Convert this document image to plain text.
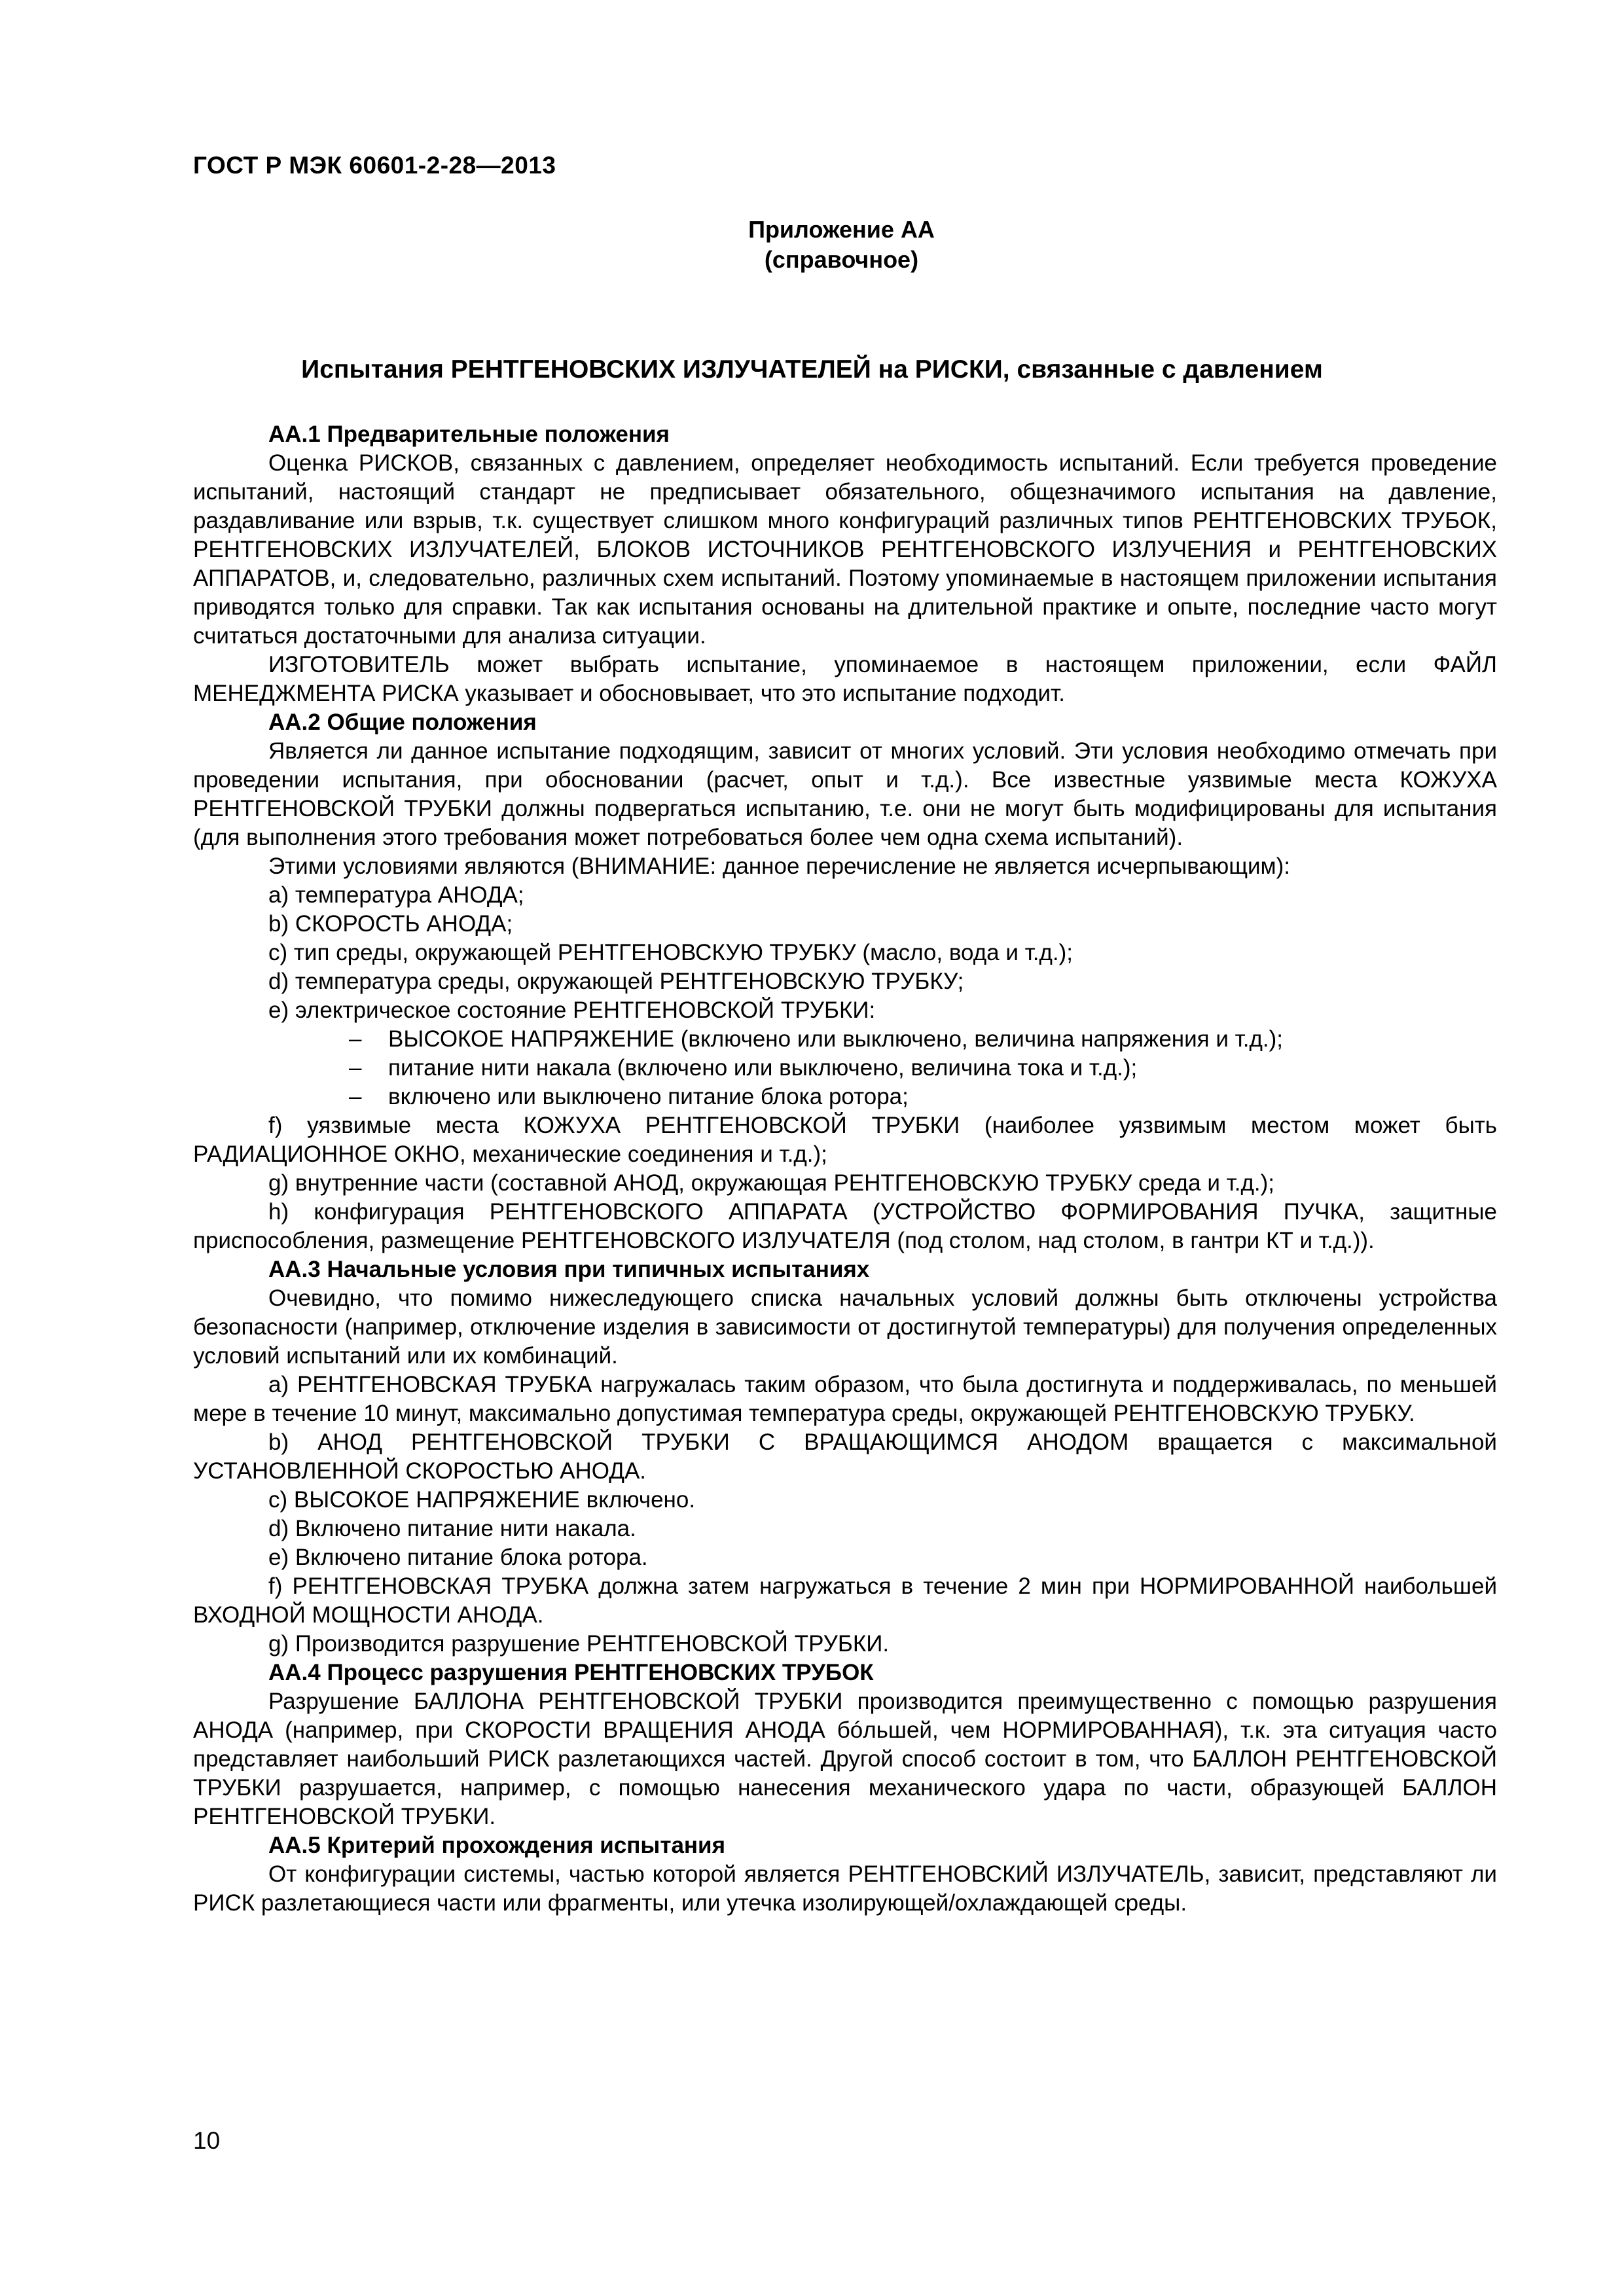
ГОСТ Р МЭК 60601-2-28—2013
Приложение АА
(справочное)
Испытания РЕНТГЕНОВСКИХ ИЗЛУЧАТЕЛЕЙ на РИСКИ, связанные с давлением

АА.1 Предварительные положения

Оценка РИСКОВ, связанных с давлением, определяет необходимость испытаний. Если требуется проведение испытаний, настоящий стандарт не предписывает обязательного, общезначимого испытания на давление, раздавливание или взрыв, т.к. существует слишком много конфигураций различных типов РЕНТГЕНОВСКИХ ТРУБОК, РЕНТГЕНОВСКИХ ИЗЛУЧАТЕЛЕЙ, БЛОКОВ ИСТОЧНИКОВ РЕНТГЕНОВСКОГО ИЗЛУЧЕНИЯ и РЕНТГЕНОВСКИХ АППАРАТОВ, и, следовательно, различных схем испытаний. Поэтому упоминаемые в настоящем приложении испытания приводятся только для справки. Так как испытания основаны на длительной практике и опыте, последние часто могут считаться достаточными для анализа ситуации.

ИЗГОТОВИТЕЛЬ может выбрать испытание, упоминаемое в настоящем приложении, если ФАЙЛ МЕНЕДЖМЕНТА РИСКА указывает и обосновывает, что это испытание подходит.

АА.2 Общие положения

Является ли данное испытание подходящим, зависит от многих условий. Эти условия необходимо отмечать при проведении испытания, при обосновании (расчет, опыт и т.д.). Все известные уязвимые места КОЖУХА РЕНТГЕНОВСКОЙ ТРУБКИ должны подвергаться испытанию, т.е. они не могут быть модифицированы для испытания (для выполнения этого требования может потребоваться более чем одна схема испытаний).

Этими условиями являются (ВНИМАНИЕ: данное перечисление не является исчерпывающим):

a) температура АНОДА;

b) СКОРОСТЬ АНОДА;

c) тип среды, окружающей РЕНТГЕНОВСКУЮ ТРУБКУ (масло, вода и т.д.);

d) температура среды, окружающей РЕНТГЕНОВСКУЮ ТРУБКУ;

e) электрическое состояние РЕНТГЕНОВСКОЙ ТРУБКИ:

– ВЫСОКОЕ НАПРЯЖЕНИЕ (включено или выключено, величина напряжения и т.д.);

– питание нити накала (включено или выключено, величина тока и т.д.);

– включено или выключено питание блока ротора;

f) уязвимые места КОЖУХА РЕНТГЕНОВСКОЙ ТРУБКИ (наиболее уязвимым местом может быть РАДИАЦИОННОЕ ОКНО, механические соединения и т.д.);

g) внутренние части (составной АНОД, окружающая РЕНТГЕНОВСКУЮ ТРУБКУ среда и т.д.);

h) конфигурация РЕНТГЕНОВСКОГО АППАРАТА (УСТРОЙСТВО ФОРМИРОВАНИЯ ПУЧКА, защитные приспособления, размещение РЕНТГЕНОВСКОГО ИЗЛУЧАТЕЛЯ (под столом, над столом, в гантри КТ и т.д.)).

АА.3 Начальные условия при типичных испытаниях

Очевидно, что помимо нижеследующего списка начальных условий должны быть отключены устройства безопасности (например, отключение изделия в зависимости от достигнутой температуры) для получения определенных условий испытаний или их комбинаций.

a) РЕНТГЕНОВСКАЯ ТРУБКА нагружалась таким образом, что была достигнута и поддерживалась, по меньшей мере в течение 10 минут, максимально допустимая температура среды, окружающей РЕНТГЕНОВСКУЮ ТРУБКУ.

b) АНОД РЕНТГЕНОВСКОЙ ТРУБКИ С ВРАЩАЮЩИМСЯ АНОДОМ вращается с максимальной УСТАНОВЛЕННОЙ СКОРОСТЬЮ АНОДА.

c) ВЫСОКОЕ НАПРЯЖЕНИЕ включено.

d) Включено питание нити накала.

e) Включено питание блока ротора.

f) РЕНТГЕНОВСКАЯ ТРУБКА должна затем нагружаться в течение 2 мин при НОРМИРОВАННОЙ наибольшей ВХОДНОЙ МОЩНОСТИ АНОДА.

g) Производится разрушение РЕНТГЕНОВСКОЙ ТРУБКИ.

АА.4 Процесс разрушения РЕНТГЕНОВСКИХ ТРУБОК

Разрушение БАЛЛОНА РЕНТГЕНОВСКОЙ ТРУБКИ производится преимущественно с помощью разрушения АНОДА (например, при СКОРОСТИ ВРАЩЕНИЯ АНОДА бóльшей, чем НОРМИРОВАННАЯ), т.к. эта ситуация часто представляет наибольший РИСК разлетающихся частей. Другой способ состоит в том, что БАЛЛОН РЕНТГЕНОВСКОЙ ТРУБКИ разрушается, например, с помощью нанесения механического удара по части, образующей БАЛЛОН РЕНТГЕНОВСКОЙ ТРУБКИ.

АА.5 Критерий прохождения испытания

От конфигурации системы, частью которой является РЕНТГЕНОВСКИЙ ИЗЛУЧАТЕЛЬ, зависит, представляют ли РИСК разлетающиеся части или фрагменты, или утечка изолирующей/охлаждающей среды.

10
